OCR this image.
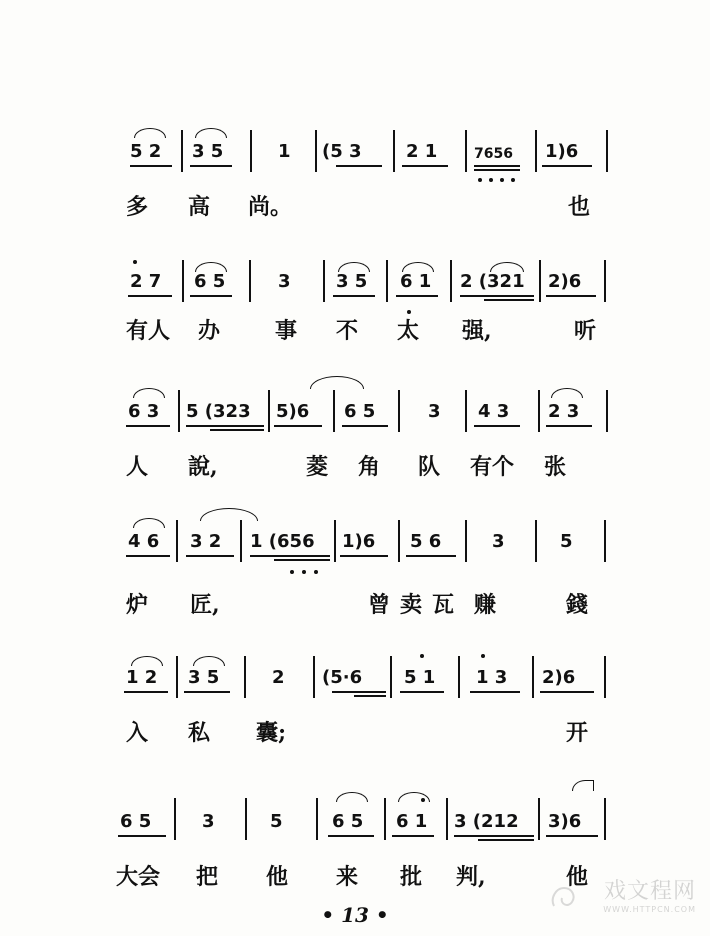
5 2 3 5	1 (5 3 2 1	7656 1)6
多 高 尚。	也
2 7 6 5	3	3 5 6 1 2 (321 2)6
有人 办 事 不 太 强,	听
6 3 5 (323 5)6 6 5	3 4 3 2 3
人 說,	菱 角 队 有个 张
4 6 3 2 1 (656 1)6 5 6	3	5
炉 匠,	曾 卖 瓦 赚	錢
1 2 3 5	2 (5·6 5 1 1 3 2)6
入 私 囊;	开
6 5	3	5	6 5 6 1 3 (212 3)6
大会 把 他 来 批 判,	他
• 13 •
戏文程网
WWW.HTTPCN.COM
